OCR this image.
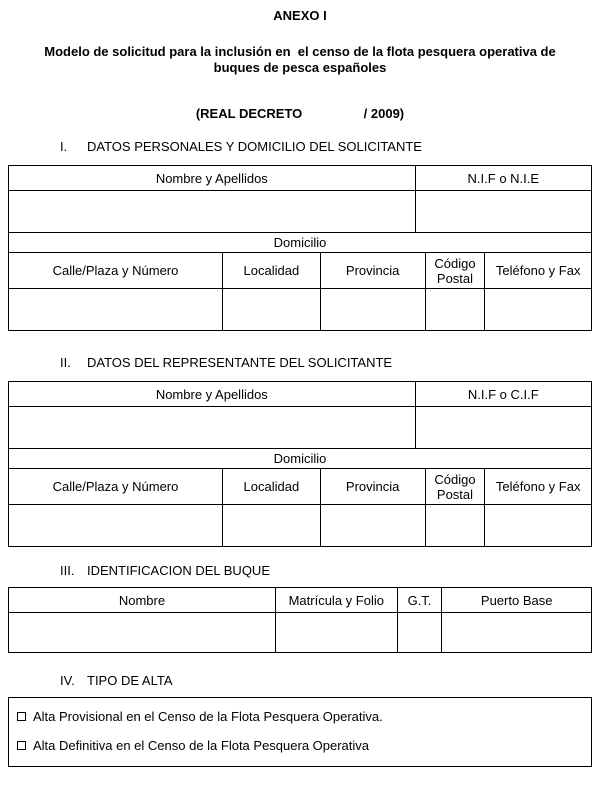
ANEXO I
Modelo de solicitud para la inclusión en  el censo de la flota pesquera operativa de buques de pesca españoles
(REAL DECRETO                 / 2009)
I. DATOS PERSONALES Y DOMICILIO DEL SOLICITANTE
Nombre y Apellidos	N.I.F o N.I.E
Domicilio
Calle/Plaza y Número	Localidad	Provincia	Código Postal	Teléfono y Fax
II. DATOS DEL REPRESENTANTE DEL SOLICITANTE
Nombre y Apellidos	N.I.F o C.I.F
Domicilio
Calle/Plaza y Número	Localidad	Provincia	Código Postal	Teléfono y Fax
III. IDENTIFICACION DEL BUQUE
Nombre	Matrícula y Folio	G.T.	Puerto Base
IV. TIPO DE ALTA
Alta Provisional en el Censo de la Flota Pesquera Operativa.
Alta Definitiva en el Censo de la Flota Pesquera Operativa
